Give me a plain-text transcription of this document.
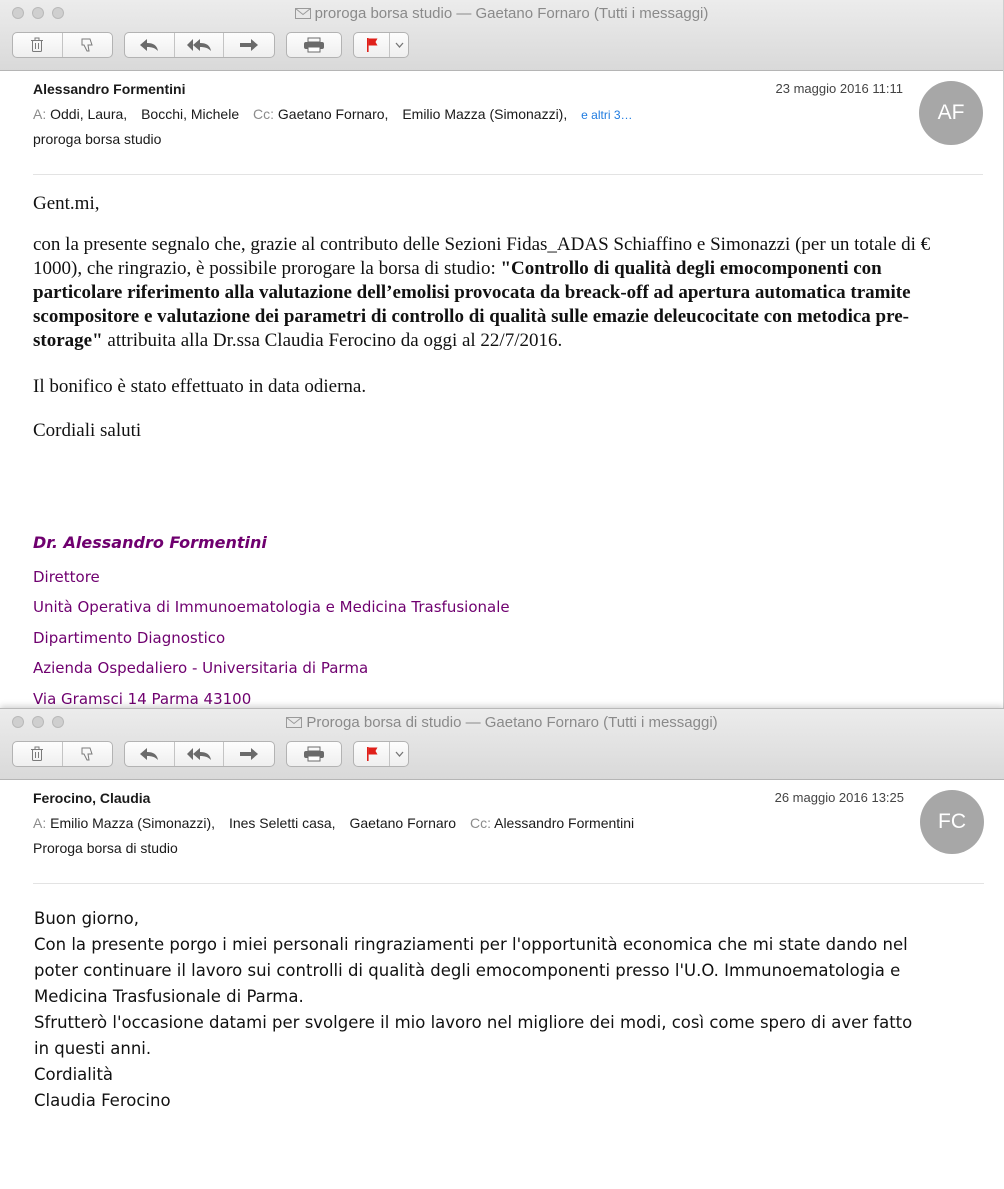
proroga borsa studio — Gaetano Fornaro (Tutti i messaggi)
Alessandro Formentini	23 maggio 2016 11:11
A: Oddi, Laura, Bocchi, Michele Cc: Gaetano Fornaro, Emilio Mazza (Simonazzi), e altri 3…
proroga borsa studio
AF

Gent.mi,

con la presente segnalo che, grazie al contributo delle Sezioni Fidas_ADAS Schiaffino e Simonazzi (per un totale di € 1000), che ringrazio, è possibile prorogare la borsa di studio: "Controllo di qualità degli emocomponenti con particolare riferimento alla valutazione dell’emolisi provocata da breack-off ad apertura automatica tramite scompositore e valutazione dei parametri di controllo di qualità sulle emazie deleucocitate con metodica pre-storage" attribuita alla Dr.ssa Claudia Ferocino da oggi al 22/7/2016.

Il bonifico è stato effettuato in data odierna.

Cordiali saluti

Dr. Alessandro Formentini
Direttore
Unità Operativa di Immunoematologia e Medicina Trasfusionale
Dipartimento Diagnostico
Azienda Ospedaliero - Universitaria di Parma
Via Gramsci 14 Parma 43100
Proroga borsa di studio — Gaetano Fornaro (Tutti i messaggi)
Ferocino, Claudia	26 maggio 2016 13:25
A: Emilio Mazza (Simonazzi), Ines Seletti casa, Gaetano Fornaro Cc: Alessandro Formentini
Proroga borsa di studio
FC

Buon giorno,

Con la presente porgo i miei personali ringraziamenti per l'opportunità economica che mi state dando nel

poter continuare il lavoro sui controlli di qualità degli emocomponenti presso l'U.O. Immunoematologia e

Medicina Trasfusionale di Parma.

Sfrutterò l'occasione datami per svolgere il mio lavoro nel migliore dei modi, così come spero di aver fatto

in questi anni.

Cordialità

Claudia Ferocino
